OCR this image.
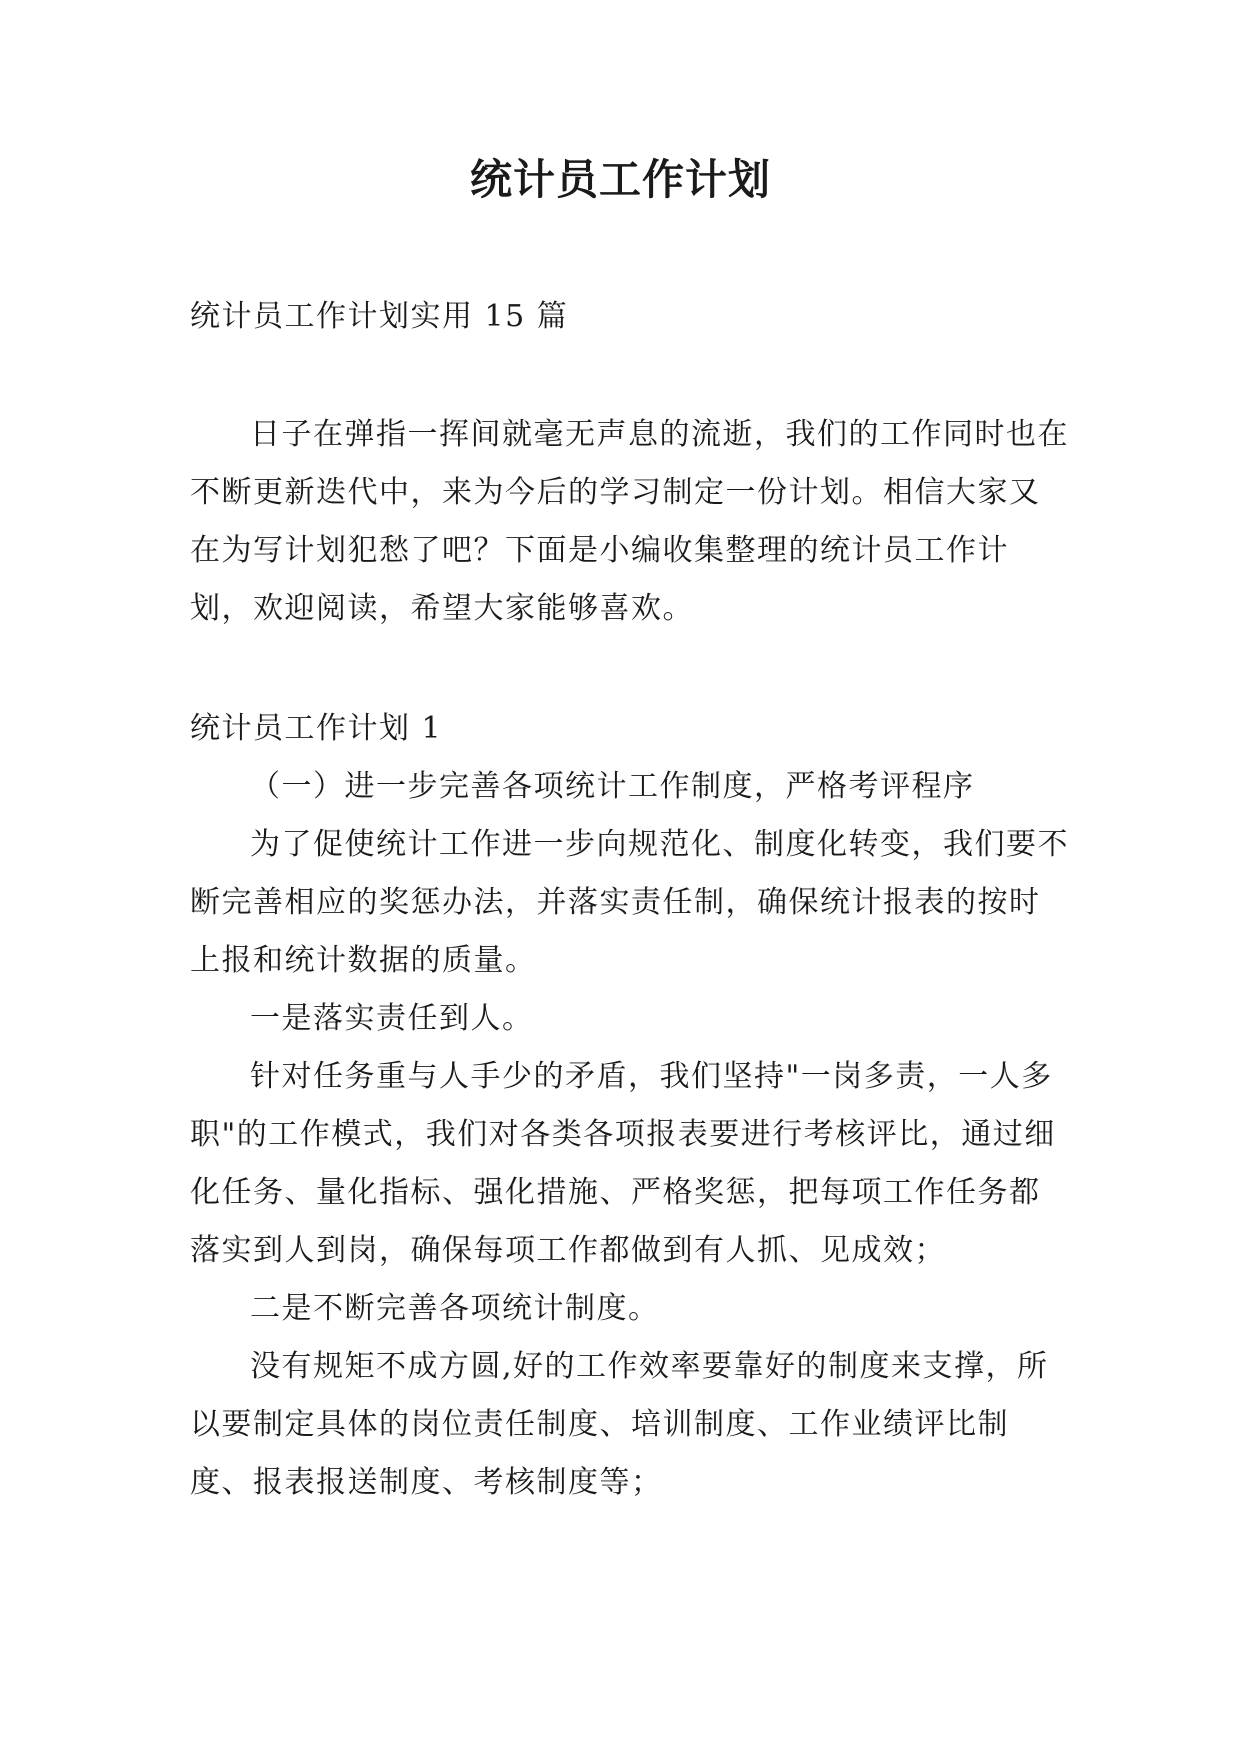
统计员工作计划

统计员工作计划实用 15 篇

日子在弹指一挥间就毫无声息的流逝，我们的工作同时也在不断更新迭代中，来为今后的学习制定一份计划。相信大家又在为写计划犯愁了吧？下面是小编收集整理的统计员工作计划，欢迎阅读，希望大家能够喜欢。

统计员工作计划 1

（一）进一步完善各项统计工作制度，严格考评程序

为了促使统计工作进一步向规范化、制度化转变，我们要不断完善相应的奖惩办法，并落实责任制，确保统计报表的按时上报和统计数据的质量。

一是落实责任到人。

针对任务重与人手少的矛盾，我们坚持"一岗多责，一人多职"的工作模式，我们对各类各项报表要进行考核评比，通过细化任务、量化指标、强化措施、严格奖惩，把每项工作任务都落实到人到岗，确保每项工作都做到有人抓、见成效；

二是不断完善各项统计制度。

没有规矩不成方圆,好的工作效率要靠好的制度来支撑，所以要制定具体的岗位责任制度、培训制度、工作业绩评比制度、报表报送制度、考核制度等；
